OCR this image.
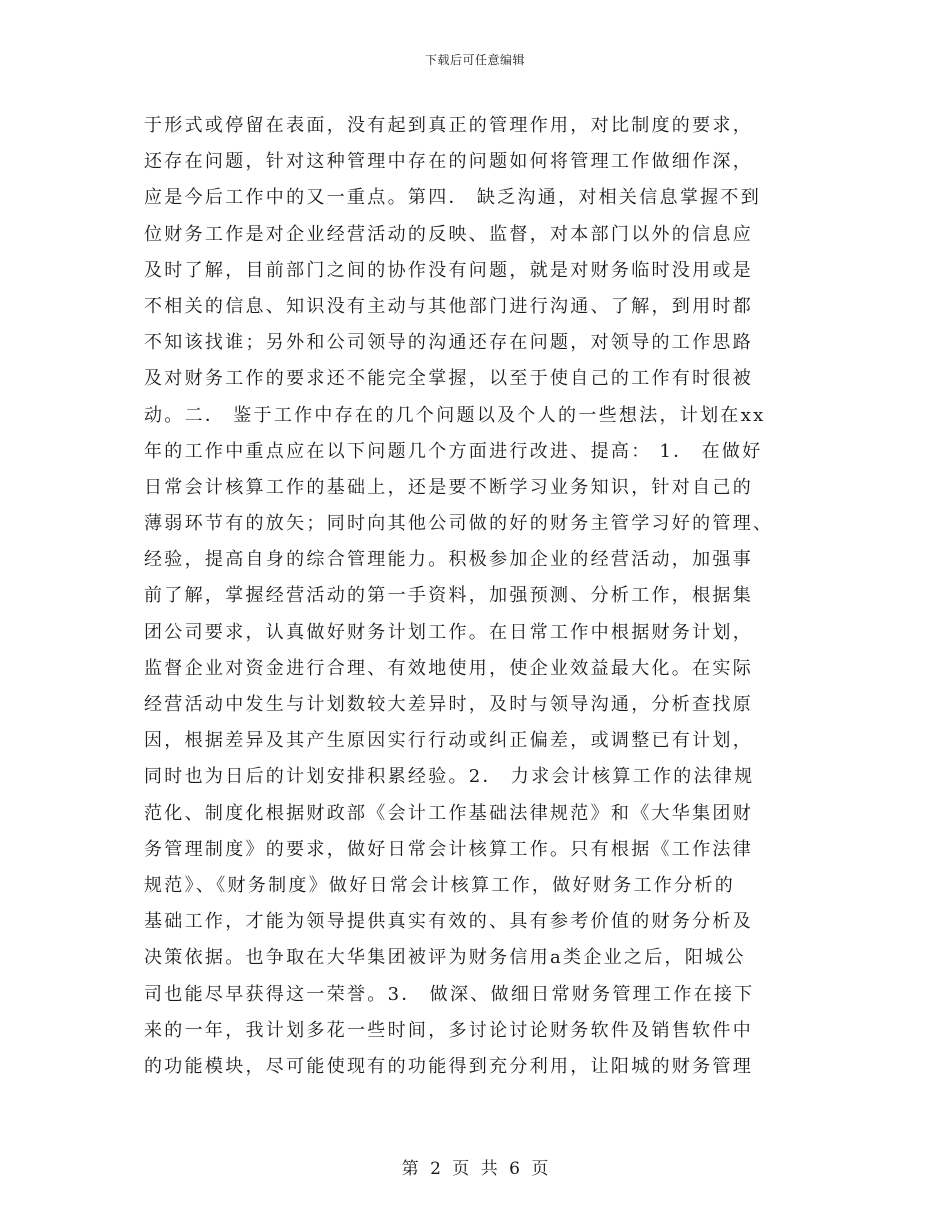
下载后可任意编辑
于形式或停留在表面，没有起到真正的管理作用，对比制度的要求，
还存在问题，针对这种管理中存在的问题如何将管理工作做细作深，
应是今后工作中的又一重点。第四． 缺乏沟通，对相关信息掌握不到
位财务工作是对企业经营活动的反映、监督，对本部门以外的信息应
及时了解，目前部门之间的协作没有问题，就是对财务临时没用或是
不相关的信息、知识没有主动与其他部门进行沟通、了解，到用时都
不知该找谁；另外和公司领导的沟通还存在问题，对领导的工作思路
及对财务工作的要求还不能完全掌握，以至于使自己的工作有时很被
动。二． 鉴于工作中存在的几个问题以及个人的一些想法，计划在xx
年的工作中重点应在以下问题几个方面进行改进、提高： 1． 在做好
日常会计核算工作的基础上，还是要不断学习业务知识，针对自己的
薄弱环节有的放矢；同时向其他公司做的好的财务主管学习好的管理、
经验，提高自身的综合管理能力。积极参加企业的经营活动，加强事
前了解，掌握经营活动的第一手资料，加强预测、分析工作，根据集
团公司要求，认真做好财务计划工作。在日常工作中根据财务计划，
监督企业对资金进行合理、有效地使用，使企业效益最大化。在实际
经营活动中发生与计划数较大差异时，及时与领导沟通，分析查找原
因，根据差异及其产生原因实行行动或纠正偏差，或调整已有计划，
同时也为日后的计划安排积累经验。2． 力求会计核算工作的法律规
范化、制度化根据财政部《会计工作基础法律规范》和《大华集团财
务管理制度》的要求，做好日常会计核算工作。只有根据《工作法律
规范》、《财务制度》做好日常会计核算工作，做好财务工作分析的
基础工作，才能为领导提供真实有效的、具有参考价值的财务分析及
决策依据。也争取在大华集团被评为财务信用a类企业之后，阳城公
司也能尽早获得这一荣誉。3． 做深、做细日常财务管理工作在接下
来的一年，我计划多花一些时间，多讨论讨论财务软件及销售软件中
的功能模块，尽可能使现有的功能得到充分利用，让阳城的财务管理
第 2 页 共 6 页
